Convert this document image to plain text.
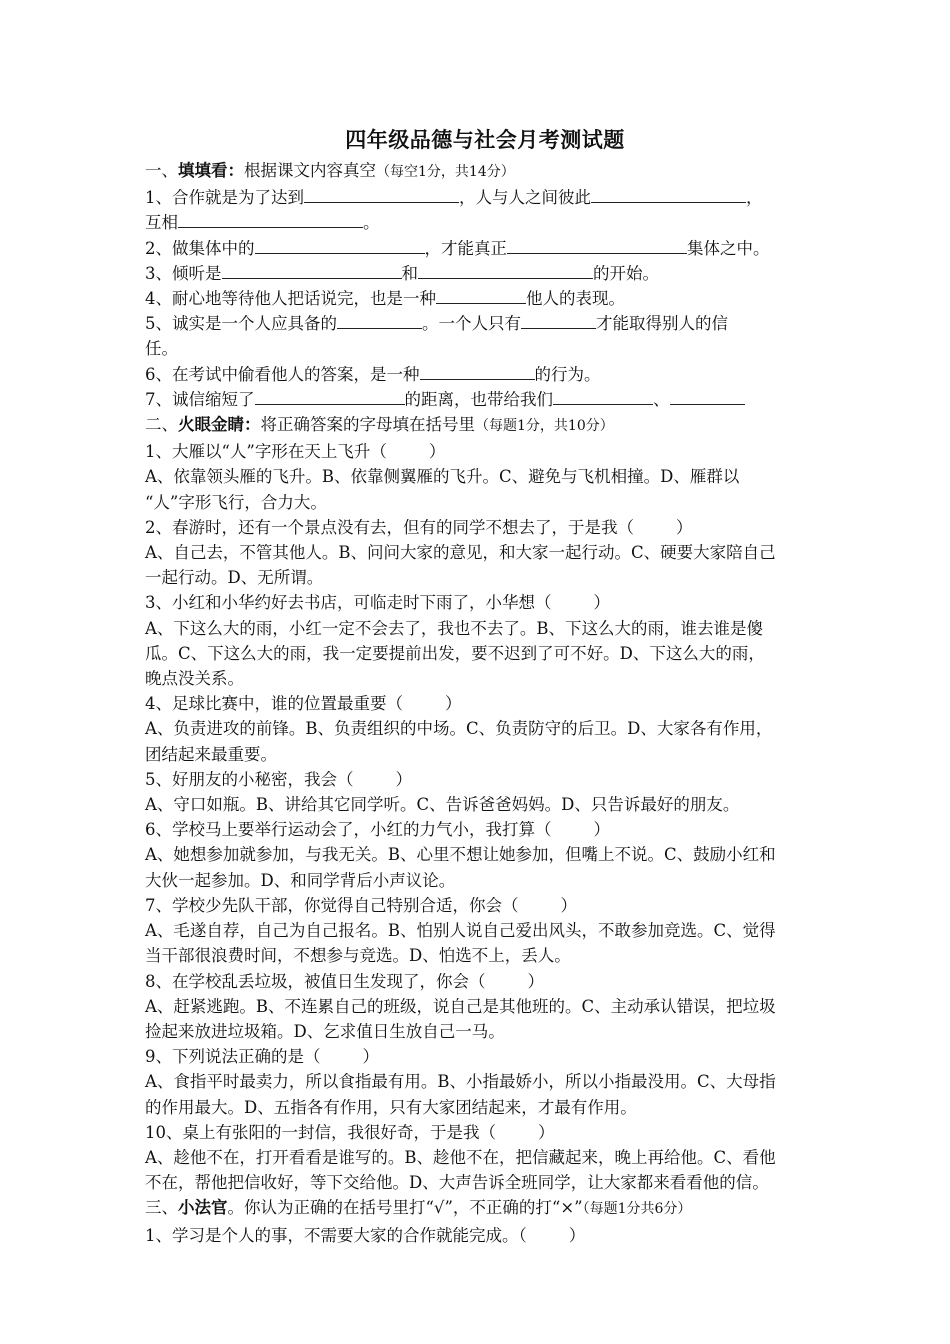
四年级品德与社会月考测试题
一、填填看：根据课文内容真空（每空1分，共14分）
1、合作就是为了达到	，人与人之间彼此	，
互相	。
2、做集体中的	，才能真正	集体之中。
3、倾听是	和	的开始。
4、耐心地等待他人把话说完，也是一种	他人的表现。
5、诚实是一个人应具备的	。一个人只有	才能取得别人的信
任。
6、在考试中偷看他人的答案，是一种	的行为。
7、诚信缩短了	的距离，也带给我们	、
二、火眼金睛：将正确答案的字母填在括号里（每题1分，共10分）
1、大雁以“人”字形在天上飞升（	）
A、依靠领头雁的飞升。B、依靠侧翼雁的飞升。C、避免与飞机相撞。D、雁群以
“人”字形飞行，合力大。
2、春游时，还有一个景点没有去，但有的同学不想去了，于是我（	）
A、自己去，不管其他人。B、问问大家的意见，和大家一起行动。C、硬要大家陪自己
一起行动。D、无所谓。
3、小红和小华约好去书店，可临走时下雨了，小华想（	）
A、下这么大的雨，小红一定不会去了，我也不去了。B、下这么大的雨，谁去谁是傻
瓜。C、下这么大的雨，我一定要提前出发，要不迟到了可不好。D、下这么大的雨，
晚点没关系。
4、足球比赛中，谁的位置最重要（	）
A、负责进攻的前锋。B、负责组织的中场。C、负责防守的后卫。D、大家各有作用，
团结起来最重要。
5、好朋友的小秘密，我会（	）
A、守口如瓶。B、讲给其它同学听。C、告诉爸爸妈妈。D、只告诉最好的朋友。
6、学校马上要举行运动会了，小红的力气小，我打算（	）
A、她想参加就参加，与我无关。B、心里不想让她参加，但嘴上不说。C、鼓励小红和
大伙一起参加。D、和同学背后小声议论。
7、学校少先队干部，你觉得自己特别合适，你会（	）
A、毛遂自荐，自己为自己报名。B、怕别人说自己爱出风头，不敢参加竞选。C、觉得
当干部很浪费时间，不想参与竞选。D、怕选不上，丢人。
8、在学校乱丢垃圾，被值日生发现了，你会（	）
A、赶紧逃跑。B、不连累自己的班级，说自己是其他班的。C、主动承认错误，把垃圾
捡起来放进垃圾箱。D、乞求值日生放自己一马。
9、下列说法正确的是（	）
A、食指平时最卖力，所以食指最有用。B、小指最娇小，所以小指最没用。C、大母指
的作用最大。D、五指各有作用，只有大家团结起来，才最有作用。
10、桌上有张阳的一封信，我很好奇，于是我（	）
A、趁他不在，打开看看是谁写的。B、趁他不在，把信藏起来，晚上再给他。C、看他
不在，帮他把信收好，等下交给他。D、大声告诉全班同学，让大家都来看看他的信。
三、小法官。你认为正确的在括号里打“√”，不正确的打“×”（每题1分共6分）
1、学习是个人的事，不需要大家的合作就能完成。（	）
